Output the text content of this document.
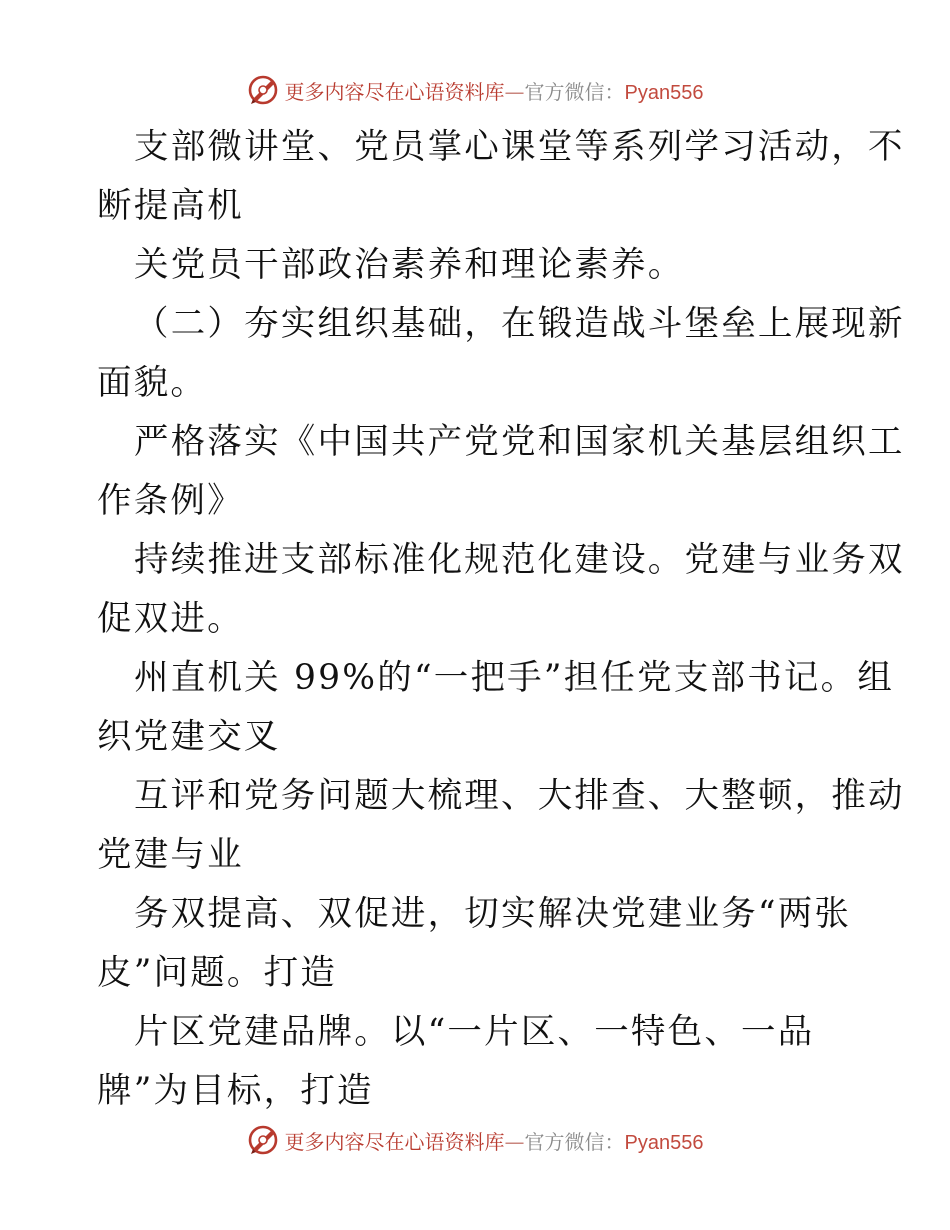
更多内容尽在心语资料库—官方微信：Pyan556

支部微讲堂、党员掌心课堂等系列学习活动，不
断提高机

关党员干部政治素养和理论素养。

（二）夯实组织基础，在锻造战斗堡垒上展现新
面貌。

严格落实《中国共产党党和国家机关基层组织工
作条例》

持续推进支部标准化规范化建设。党建与业务双
促双进。

州直机关 99%的“一把手”担任党支部书记。组
织党建交叉

互评和党务问题大梳理、大排查、大整顿，推动
党建与业

务双提高、双促进，切实解决党建业务“两张
皮”问题。打造

片区党建品牌。以“一片区、一特色、一品
牌”为目标，打造

更多内容尽在心语资料库—官方微信：Pyan556
